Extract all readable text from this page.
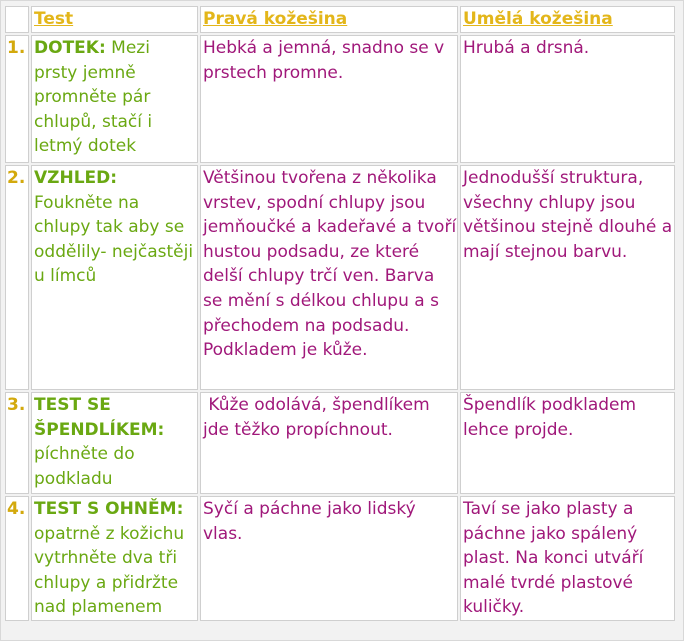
	Test	Pravá kožešina	Umělá kožešina
1.	DOTEK: Mezi prsty jemně promněte pár chlupů, stačí i letmý dotek	Hebká a jemná, snadno se v prstech promne.	Hrubá a drsná.
2.	VZHLED: Foukněte na chlupy tak aby se oddělily- nejčastěji u límců	Většinou tvořena z několika vrstev, spodní chlupy jsou jemňoučké a kadeřavé a tvoří hustou podsadu, ze které delší chlupy trčí ven. Barva se mění s délkou chlupu a s přechodem na podsadu. Podkladem je kůže.	Jednodušší struktura, všechny chlupy jsou většinou stejně dlouhé a mají stejnou barvu.
3.	TEST SE ŠPENDLÍKEM: píchněte do podkladu	Kůže odolává, špendlíkem jde těžko propíchnout.	Špendlík podkladem lehce projde.
4.	TEST S OHNĚM: opatrně z kožichu vytrhněte dva tři chlupy a přidržte nad plamenem	Syčí a páchne jako lidský vlas.	Taví se jako plasty a páchne jako spálený plast. Na konci utváří malé tvrdé plastové kuličky.
